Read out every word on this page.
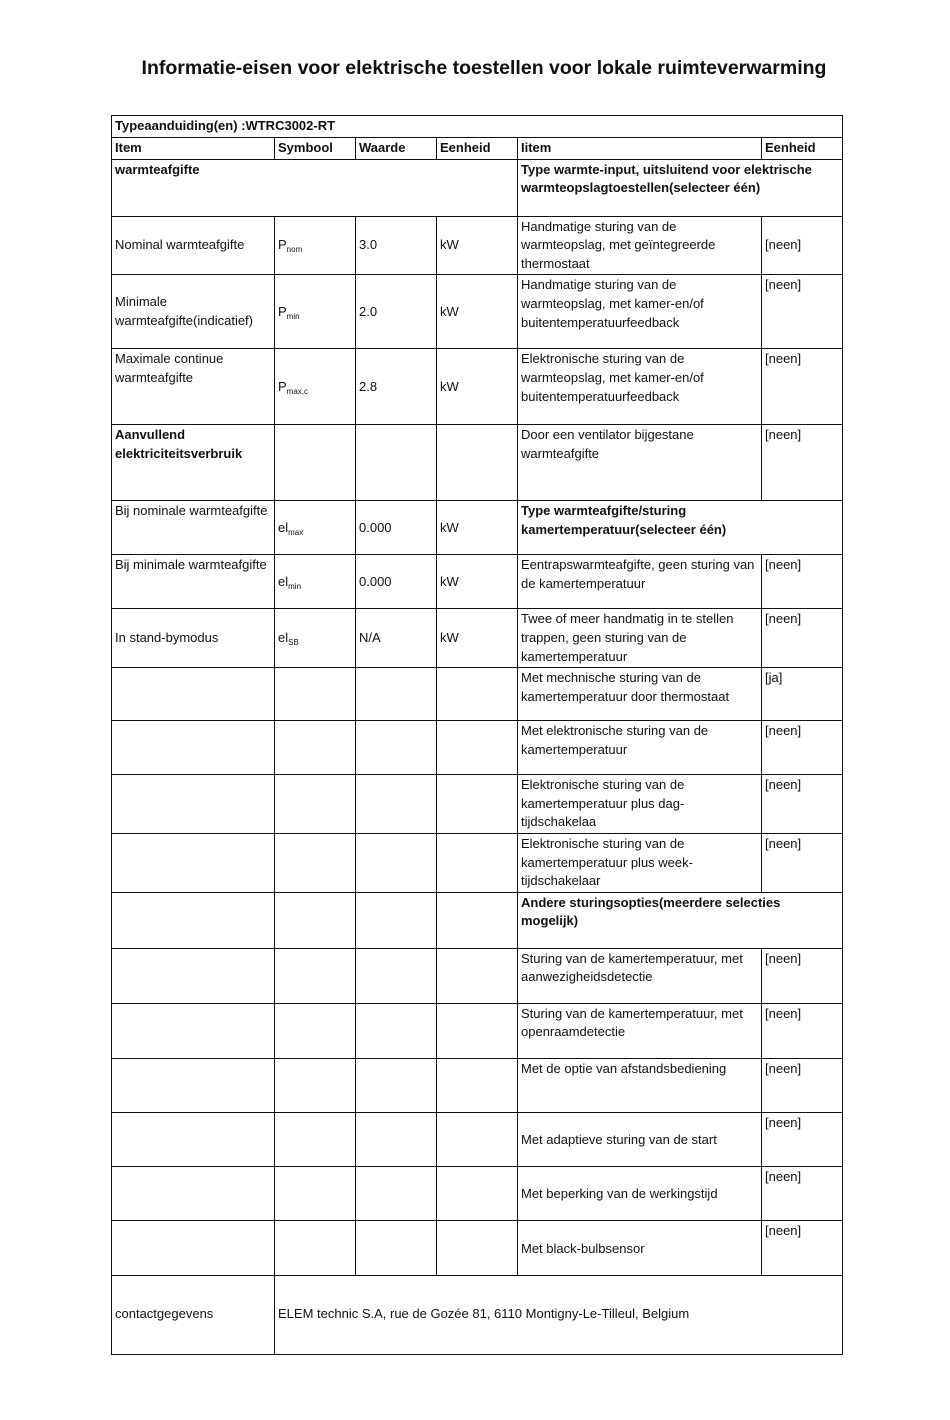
Informatie-eisen voor elektrische toestellen voor lokale ruimteverwarming
Typeaanduiding(en) :WTRC3002-RT					
Item	Symbool	Waarde	Eenheid	Iitem	Eenheid
warmteafgifte				Type warmte-input, uitsluitend voor elektrische warmteopslagtoestellen(selecteer één)	
Nominal warmteafgifte	$P_{nom}$	3.0	kW	Handmatige sturing van de warmteopslag, met geïntegreerde thermostaat	[neen]
Minimale warmteafgifte(indicatief)	$P_{min}$	2.0	kW	Handmatige sturing van de warmteopslag, met kamer-en/of buitentemperatuurfeedback	[neen]
Maximale continue warmteafgifte	$P_{max,c}$	2.8	kW	Elektronische sturing van de warmteopslag, met kamer-en/of buitentemperatuurfeedback	[neen]
Aanvullend elektriciteitsverbruik				Door een ventilator bijgestane warmteafgifte	[neen]
Bij nominale warmteafgifte	$el_{max}$	0.000	kW	Type warmteafgifte/sturing kamertemperatuur(selecteer één)	
Bij minimale warmteafgifte	$el_{min}$	0.000	kW	Eentrapswarmteafgifte, geen sturing van de kamertemperatuur	[neen]
In stand-bymodus	$el_{SB}$	N/A	kW	Twee of meer handmatig in te stellen trappen, geen sturing van de kamertemperatuur	[neen]
				Met mechnische sturing van de kamertemperatuur door thermostaat	[ja]
				Met elektronische sturing van de kamertemperatuur	[neen]
				Elektronische sturing van de kamertemperatuur plus dag-tijdschakelaa	[neen]
				Elektronische sturing van de kamertemperatuur plus week-tijdschakelaar	[neen]
				Andere sturingsopties(meerdere selecties mogelijk)	
				Sturing van de kamertemperatuur, met aanwezigheidsdetectie	[neen]
				Sturing van de kamertemperatuur, met openraamdetectie	[neen]
				Met de optie van afstandsbediening	[neen]
				Met adaptieve sturing van de start	[neen]
				Met beperking van de werkingstijd	[neen]
				Met black-bulbsensor	[neen]
contactgegevens	ELEM technic S.A, rue de Gozée 81, 6110 Montigny-Le-Tilleul, Belgium				
